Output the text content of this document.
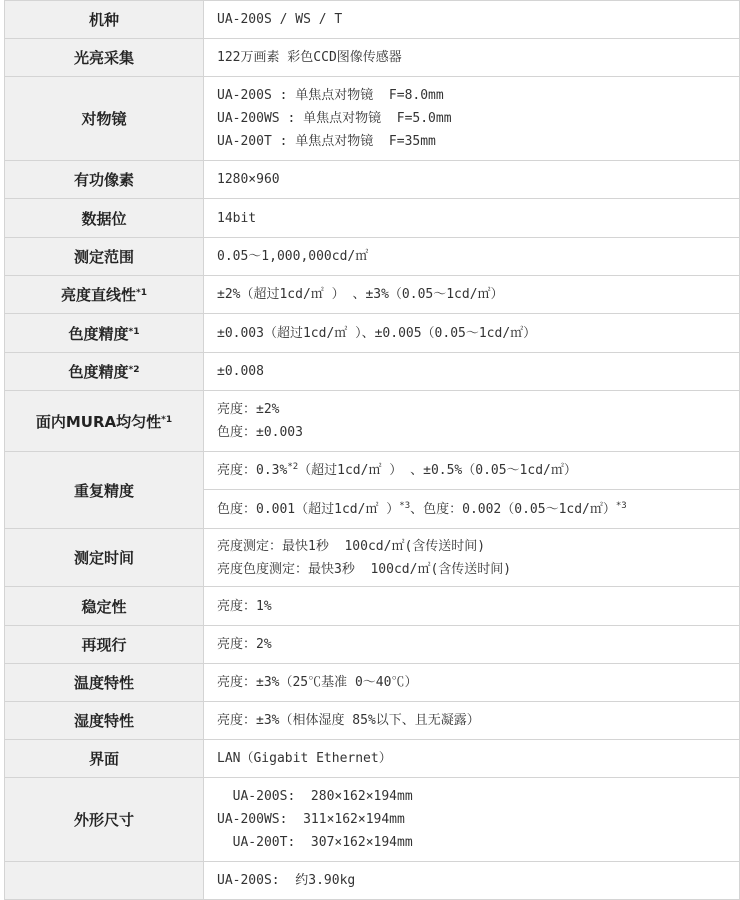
机种	UA-200S / WS / T

光亮采集	122万画素 彩色CCD图像传感器

对物镜	UA-200S : 单焦点对物镜  F=8.0mm
UA-200WS : 单焦点对物镜  F=5.0mm
UA-200T : 单焦点对物镜  F=35mm

有功像素	1280×960

数据位	14bit

测定范围	0.05～1,000,000cd/㎡

亮度直线性$^{*1}$	±2%（超过1cd/㎡ ） 、±3%（0.05～1cd/㎡）

色度精度$^{*1}$	±0.003（超过1cd/㎡ ）、±0.005（0.05～1cd/㎡）

色度精度$^{*2}$	±0.008

面内MURA均匀性$^{*1}$	亮度：±2%
色度：±0.003

重复精度	亮度：0.3%$^{*2}$（超过1cd/㎡ ） 、±0.5%（0.05～1cd/㎡）

	色度：0.001（超过1cd/㎡ ）$^{*3}$、色度：0.002（0.05～1cd/㎡）$^{*3}$

测定时间	亮度测定：最快1秒  100cd/㎡(含传送时间)
亮度色度测定：最快3秒  100cd/㎡(含传送时间)

稳定性	亮度：1%

再现行	亮度：2%

温度特性	亮度：±3%（25℃基准 0～40℃）

湿度特性	亮度：±3%（相体湿度 85%以下、且无凝露）

界面	LAN（Gigabit Ethernet）

外形尺寸	UA-200S:  280×162×194mm
UA-200WS:  311×162×194mm
UA-200T:  307×162×194mm

	UA-200S:  约3.90kg
